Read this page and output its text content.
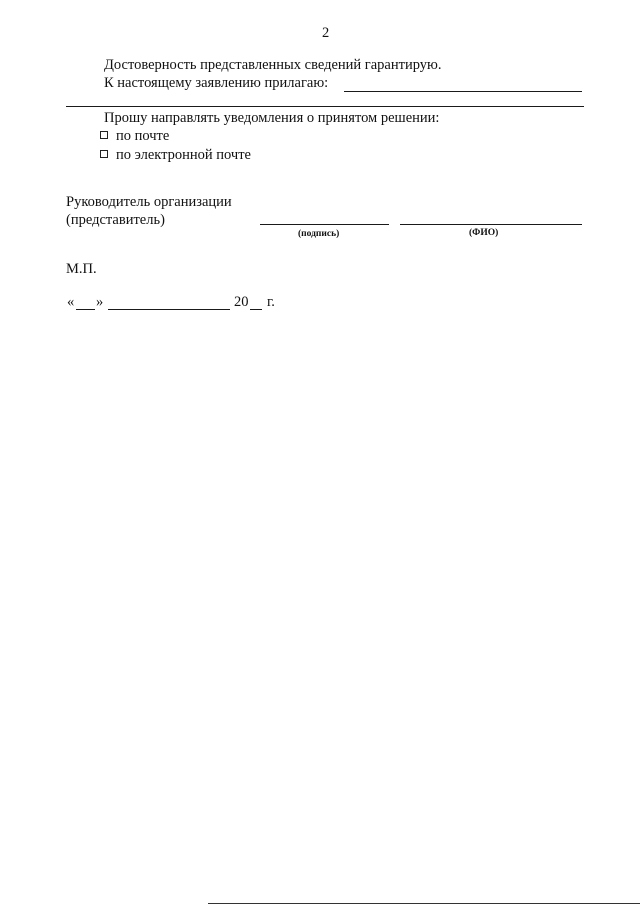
2
Достоверность представленных сведений гарантирую.
К настоящему заявлению прилагаю:
Прошу направлять уведомления о принятом решении:
по почте
по электронной почте
Руководитель организации
(представитель)
(подпись)	(ФИО)
М.П.
« »	20 г.
